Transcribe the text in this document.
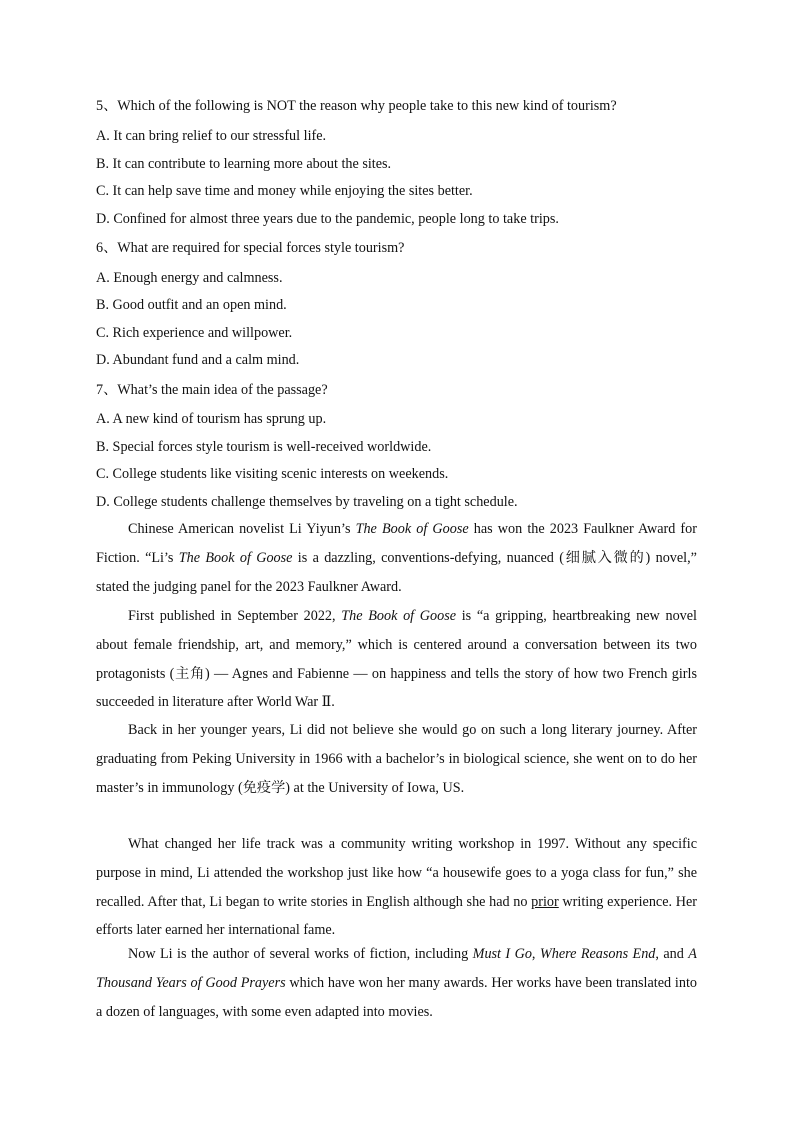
5、Which of the following is NOT the reason why people take to this new kind of tourism?
A. It can bring relief to our stressful life.
B. It can contribute to learning more about the sites.
C. It can help save time and money while enjoying the sites better.
D. Confined for almost three years due to the pandemic, people long to take trips.
6、What are required for special forces style tourism?
A. Enough energy and calmness.
B. Good outfit and an open mind.
C. Rich experience and willpower.
D. Abundant fund and a calm mind.
7、What’s the main idea of the passage?
A. A new kind of tourism has sprung up.
B. Special forces style tourism is well-received worldwide.
C. College students like visiting scenic interests on weekends.
D. College students challenge themselves by traveling on a tight schedule.
Chinese American novelist Li Yiyun’s The Book of Goose has won the 2023 Faulkner Award for Fiction. “Li’s The Book of Goose is a dazzling, conventions-defying, nuanced (细腻入微的) novel,” stated the judging panel for the 2023 Faulkner Award.
First published in September 2022, The Book of Goose is “a gripping, heartbreaking new novel about female friendship, art, and memory,” which is centered around a conversation between its two protagonists (主角) — Agnes and Fabienne — on happiness and tells the story of how two French girls succeeded in literature after World War Ⅱ.
Back in her younger years, Li did not believe she would go on such a long literary journey. After graduating from Peking University in 1966 with a bachelor’s in biological science, she went on to do her master’s in immunology (免疫学) at the University of Iowa, US.
What changed her life track was a community writing workshop in 1997. Without any specific purpose in mind, Li attended the workshop just like how “a housewife goes to a yoga class for fun,” she recalled. After that, Li began to write stories in English although she had no prior writing experience. Her efforts later earned her international fame.
Now Li is the author of several works of fiction, including Must I Go, Where Reasons End, and A Thousand Years of Good Prayers which have won her many awards. Her works have been translated into a dozen of languages, with some even adapted into movies.
